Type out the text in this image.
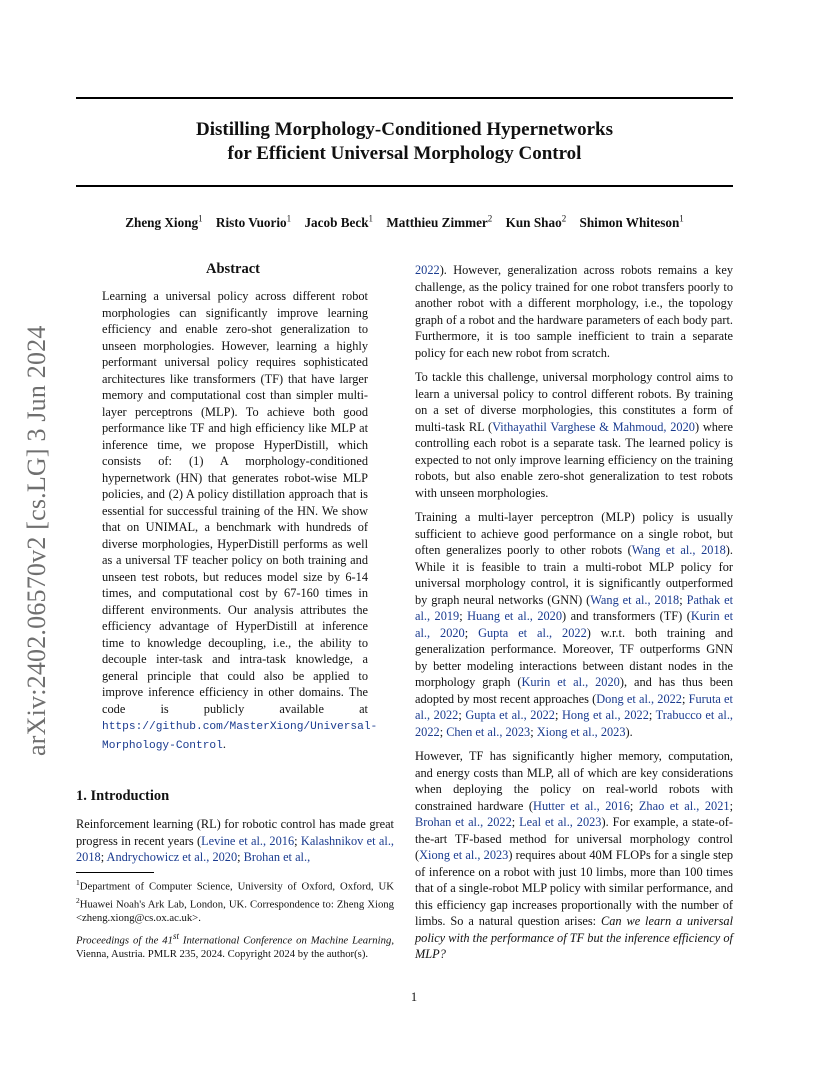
Distilling Morphology-Conditioned Hypernetworks
for Efficient Universal Morphology Control
Zheng Xiong$^1$ Risto Vuorio$^1$ Jacob Beck$^1$ Matthieu Zimmer$^2$ Kun Shao$^2$ Shimon Whiteson$^1$
arXiv:2402.06570v2 [cs.LG] 3 Jun 2024
Abstract
Learning a universal policy across different robot morphologies can significantly improve learning efficiency and enable zero-shot generalization to unseen morphologies. However, learning a highly performant universal policy requires sophisticated architectures like transformers (TF) that have larger memory and computational cost than simpler multi-layer perceptrons (MLP). To achieve both good performance like TF and high efficiency like MLP at inference time, we propose HyperDistill, which consists of: (1) A morphology-conditioned hypernetwork (HN) that generates robot-wise MLP policies, and (2) A policy distillation approach that is essential for successful training of the HN. We show that on UNIMAL, a benchmark with hundreds of diverse morphologies, HyperDistill performs as well as a universal TF teacher policy on both training and unseen test robots, but reduces model size by 6-14 times, and computational cost by 67-160 times in different environments. Our analysis attributes the efficiency advantage of HyperDistill at inference time to knowledge decoupling, i.e., the ability to decouple inter-task and intra-task knowledge, a general principle that could also be applied to improve inference efficiency in other domains. The code is publicly available at https://github.com/MasterXiong/Universal-Morphology-Control.
1. Introduction

Reinforcement learning (RL) for robotic control has made great progress in recent years (Levine et al., 2016; Kalashnikov et al., 2018; Andrychowicz et al., 2020; Brohan et al.,

$^1$Department of Computer Science, University of Oxford, Oxford, UK $^2$Huawei Noah's Ark Lab, London, UK. Correspondence to: Zheng Xiong <zheng.xiong@cs.ox.ac.uk>.
Proceedings of the 41st International Conference on Machine Learning, Vienna, Austria. PMLR 235, 2024. Copyright 2024 by the author(s).

2022). However, generalization across robots remains a key challenge, as the policy trained for one robot transfers poorly to another robot with a different morphology, i.e., the topology graph of a robot and the hardware parameters of each body part. Furthermore, it is too sample inefficient to train a separate policy for each new robot from scratch.

To tackle this challenge, universal morphology control aims to learn a universal policy to control different robots. By training on a set of diverse morphologies, this constitutes a form of multi-task RL (Vithayathil Varghese & Mahmoud, 2020) where controlling each robot is a separate task. The learned policy is expected to not only improve learning efficiency on the training robots, but also enable zero-shot generalization to test robots with unseen morphologies.

Training a multi-layer perceptron (MLP) policy is usually sufficient to achieve good performance on a single robot, but often generalizes poorly to other robots (Wang et al., 2018). While it is feasible to train a multi-robot MLP policy for universal morphology control, it is significantly outperformed by graph neural networks (GNN) (Wang et al., 2018; Pathak et al., 2019; Huang et al., 2020) and transformers (TF) (Kurin et al., 2020; Gupta et al., 2022) w.r.t. both training and generalization performance. Moreover, TF outperforms GNN by better modeling interactions between distant nodes in the morphology graph (Kurin et al., 2020), and has thus been adopted by most recent approaches (Dong et al., 2022; Furuta et al., 2022; Gupta et al., 2022; Hong et al., 2022; Trabucco et al., 2022; Chen et al., 2023; Xiong et al., 2023).

However, TF has significantly higher memory, computation, and energy costs than MLP, all of which are key considerations when deploying the policy on real-world robots with constrained hardware (Hutter et al., 2016; Zhao et al., 2021; Brohan et al., 2022; Leal et al., 2023). For example, a state-of-the-art TF-based method for universal morphology control (Xiong et al., 2023) requires about 40M FLOPs for a single step of inference on a robot with just 10 limbs, more than 100 times that of a single-robot MLP policy with similar performance, and this efficiency gap increases proportionally with the number of limbs. So a natural question arises: Can we learn a universal policy with the performance of TF but the inference efficiency of MLP?

1
